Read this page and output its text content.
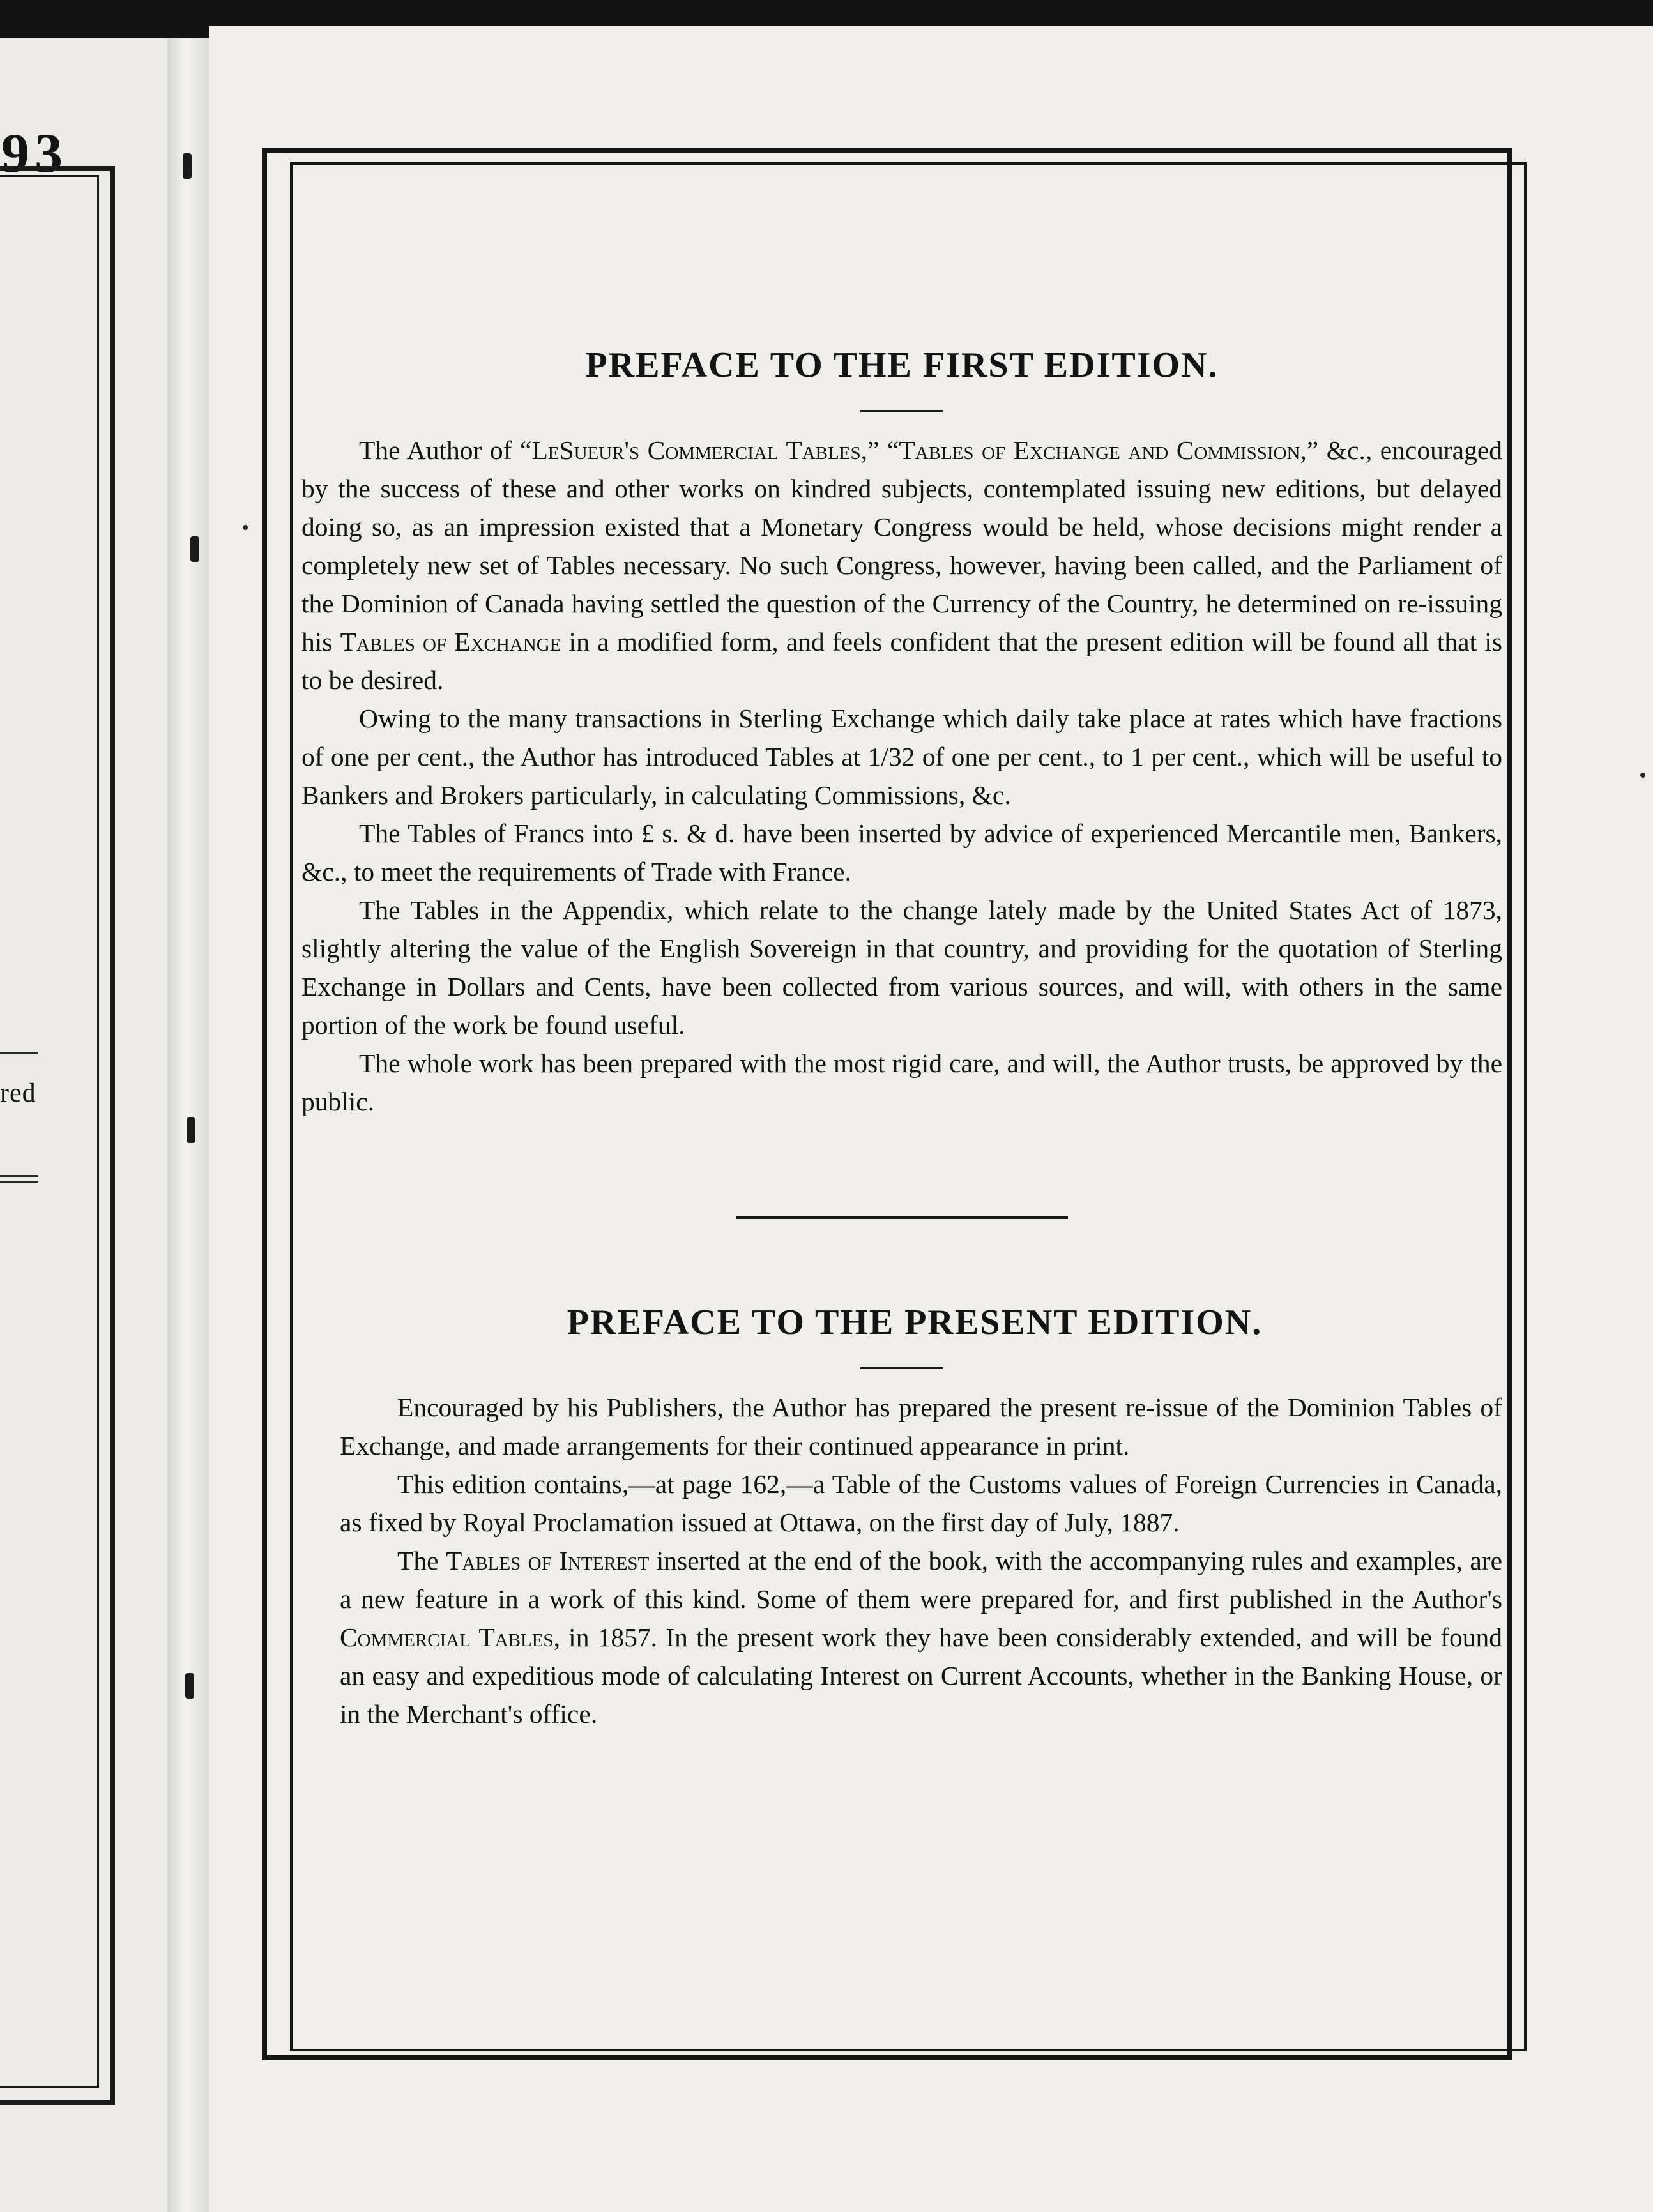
93
red
PREFACE TO THE FIRST EDITION.

The Author of “LeSueur's Commercial Tables,” “Tables of Exchange and Commission,” &c., encouraged by the success of these and other works on kindred subjects, contemplated issuing new editions, but delayed doing so, as an impression existed that a Monetary Congress would be held, whose decisions might render a completely new set of Tables necessary. No such Congress, however, having been called, and the Parliament of the Dominion of Canada having settled the question of the Currency of the Country, he determined on re-issuing his Tables of Exchange in a modified form, and feels confident that the present edition will be found all that is to be desired.

Owing to the many transactions in Sterling Exchange which daily take place at rates which have fractions of one per cent., the Author has introduced Tables at 1/32 of one per cent., to 1 per cent., which will be useful to Bankers and Brokers particularly, in calculating Commissions, &c.

The Tables of Francs into £ s. & d. have been inserted by advice of experienced Mercantile men, Bankers, &c., to meet the requirements of Trade with France.

The Tables in the Appendix, which relate to the change lately made by the United States Act of 1873, slightly altering the value of the English Sovereign in that country, and providing for the quotation of Sterling Exchange in Dollars and Cents, have been collected from various sources, and will, with others in the same portion of the work be found useful.

The whole work has been prepared with the most rigid care, and will, the Author trusts, be approved by the public.

PREFACE TO THE PRESENT EDITION.

Encouraged by his Publishers, the Author has prepared the present re-issue of the Dominion Tables of Exchange, and made arrangements for their continued appearance in print.

This edition contains,—at page 162,—a Table of the Customs values of Foreign Currencies in Canada, as fixed by Royal Proclamation issued at Ottawa, on the first day of July, 1887.

The Tables of Interest inserted at the end of the book, with the accompanying rules and examples, are a new feature in a work of this kind. Some of them were prepared for, and first published in the Author's Commercial Tables, in 1857. In the present work they have been considerably extended, and will be found an easy and expeditious mode of calculating Interest on Current Accounts, whether in the Banking House, or in the Merchant's office.
